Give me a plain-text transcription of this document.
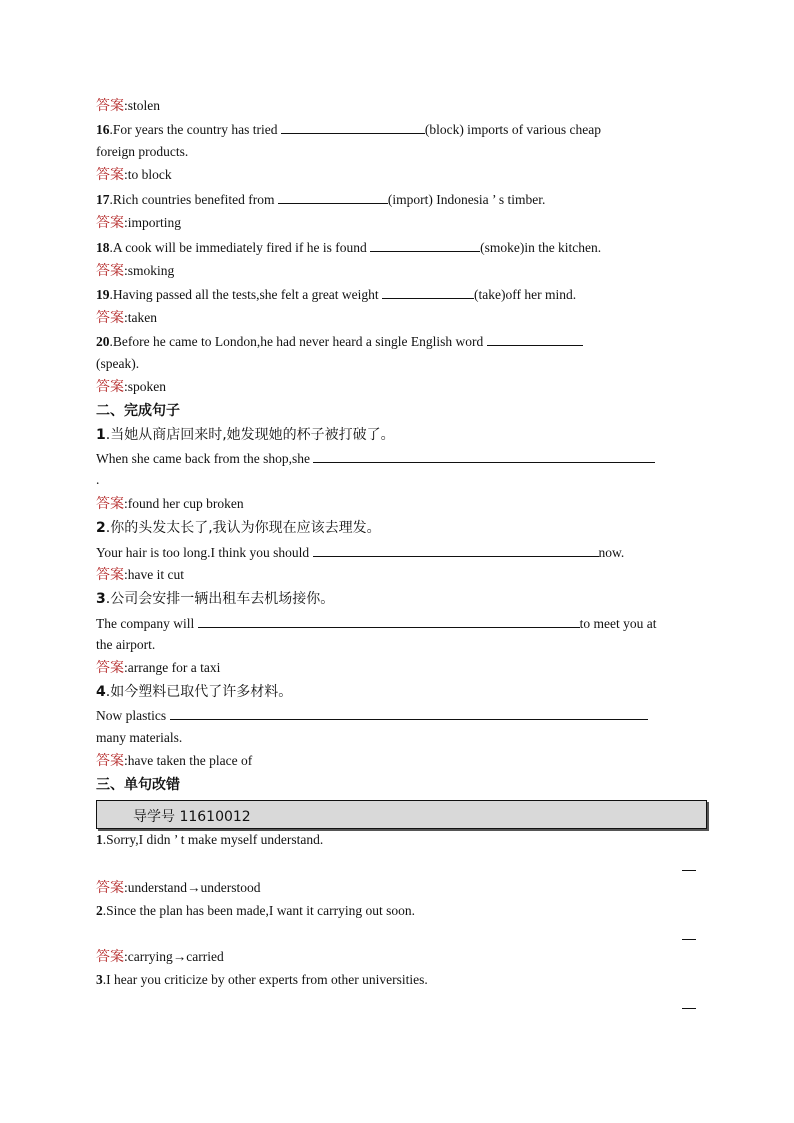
答案:stolen
16.For years the country has tried	(block) imports of various cheap
foreign products.
答案:to block
17.Rich countries benefited from	(import) Indonesia ’ s timber.
答案:importing
18.A cook will be immediately fired if he is found	(smoke)in the kitchen.
答案:smoking
19.Having passed all the tests,she felt a great weight	(take)off her mind.
答案:taken
20.Before he came to London,he had never heard a single English word
(speak).
答案:spoken
二、完成句子
1.当她从商店回来时,她发现她的杯子被打破了。
When she came back from the shop,she
.
答案:found her cup broken
2.你的头发太长了,我认为你现在应该去理发。
Your hair is too long.I think you should	now.
答案:have it cut
3.公司会安排一辆出租车去机场接你。
The company will	to meet you at
the airport.
答案:arrange for a taxi
4.如今塑料已取代了许多材料。
Now plastics
many materials.
答案:have taken the place of
三、单句改错
导学号 11610012
1.Sorry,I didn ’ t make myself understand.
答案:understand→understood
2.Since the plan has been made,I want it carrying out soon.
答案:carrying→carried
3.I hear you criticize by other experts from other universities.
